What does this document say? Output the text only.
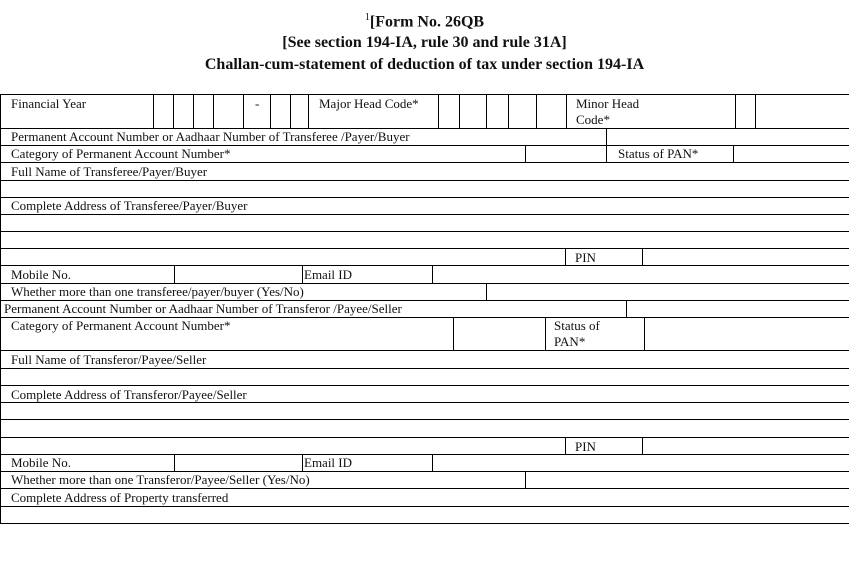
$^1$[Form No. 26QB
[See section 194-IA, rule 30 and rule 31A]
Challan-cum-statement of deduction of tax under section 194-IA
Financial Year	-	Major Head Code*	Minor Head
Code*
Permanent Account Number or Aadhaar Number of Transferee /Payer/Buyer
Category of Permanent Account Number*	Status of PAN*
Full Name of Transferee/Payer/Buyer
Complete Address of Transferee/Payer/Buyer
PIN
Mobile No.	Email ID
Whether more than one transferee/payer/buyer (Yes/No)
Permanent Account Number or Aadhaar Number of Transferor /Payee/Seller
Category of Permanent Account Number*	Status of
PAN*
Full Name of Transferor/Payee/Seller
Complete Address of Transferor/Payee/Seller
PIN
Mobile No.	Email ID
Whether more than one Transferor/Payee/Seller (Yes/No)
Complete Address of Property transferred
